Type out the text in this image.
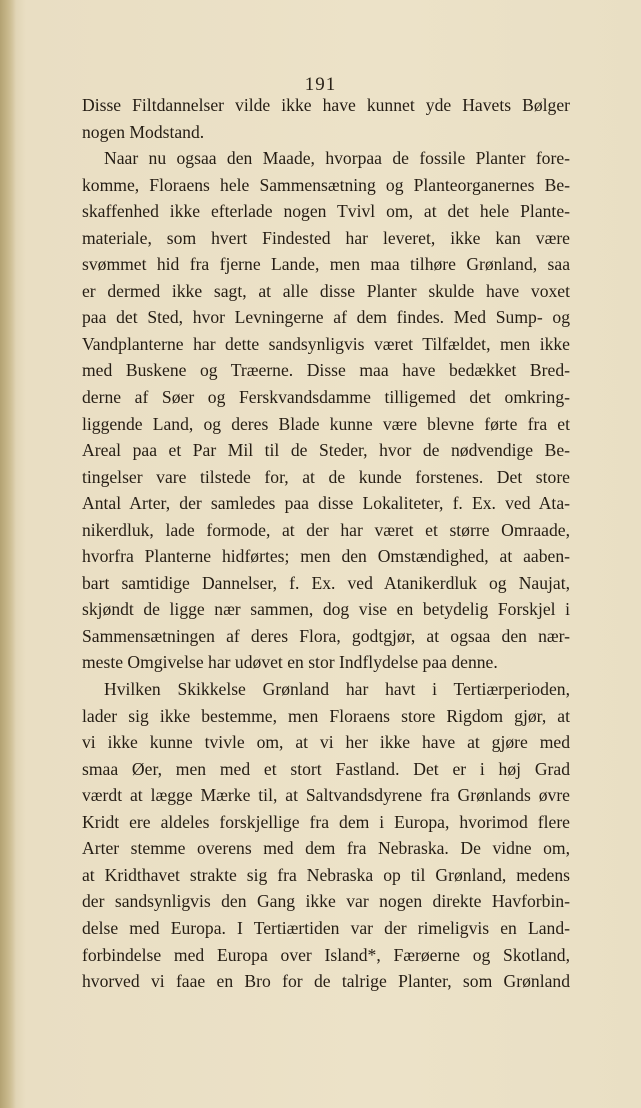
191
Disse Filtdannelser vilde ikke have kunnet yde Havets Bølger
nogen Modstand.
Naar nu ogsaa den Maade, hvorpaa de fossile Planter fore-
komme, Floraens hele Sammensætning og Planteorganernes Be-
skaffenhed ikke efterlade nogen Tvivl om, at det hele Plante-
materiale, som hvert Findested har leveret, ikke kan være
svømmet hid fra fjerne Lande, men maa tilhøre Grønland, saa
er dermed ikke sagt, at alle disse Planter skulde have voxet
paa det Sted, hvor Levningerne af dem findes. Med Sump- og
Vandplanterne har dette sandsynligvis været Tilfældet, men ikke
med Buskene og Træerne. Disse maa have bedækket Bred-
derne af Søer og Ferskvandsdamme tilligemed det omkring-
liggende Land, og deres Blade kunne være blevne førte fra et
Areal paa et Par Mil til de Steder, hvor de nødvendige Be-
tingelser vare tilstede for, at de kunde forstenes. Det store
Antal Arter, der samledes paa disse Lokaliteter, f. Ex. ved Ata-
nikerdluk, lade formode, at der har været et større Omraade,
hvorfra Planterne hidførtes; men den Omstændighed, at aaben-
bart samtidige Dannelser, f. Ex. ved Atanikerdluk og Naujat,
skjøndt de ligge nær sammen, dog vise en betydelig Forskjel i
Sammensætningen af deres Flora, godtgjør, at ogsaa den nær-
meste Omgivelse har udøvet en stor Indflydelse paa denne.
Hvilken Skikkelse Grønland har havt i Tertiærperioden,
lader sig ikke bestemme, men Floraens store Rigdom gjør, at
vi ikke kunne tvivle om, at vi her ikke have at gjøre med
smaa Øer, men med et stort Fastland. Det er i høj Grad
værdt at lægge Mærke til, at Saltvandsdyrene fra Grønlands øvre
Kridt ere aldeles forskjellige fra dem i Europa, hvorimod flere
Arter stemme overens med dem fra Nebraska. De vidne om,
at Kridthavet strakte sig fra Nebraska op til Grønland, medens
der sandsynligvis den Gang ikke var nogen direkte Havforbin-
delse med Europa. I Tertiærtiden var der rimeligvis en Land-
forbindelse med Europa over Island*, Færøerne og Skotland,
hvorved vi faae en Bro for de talrige Planter, som Grønland
